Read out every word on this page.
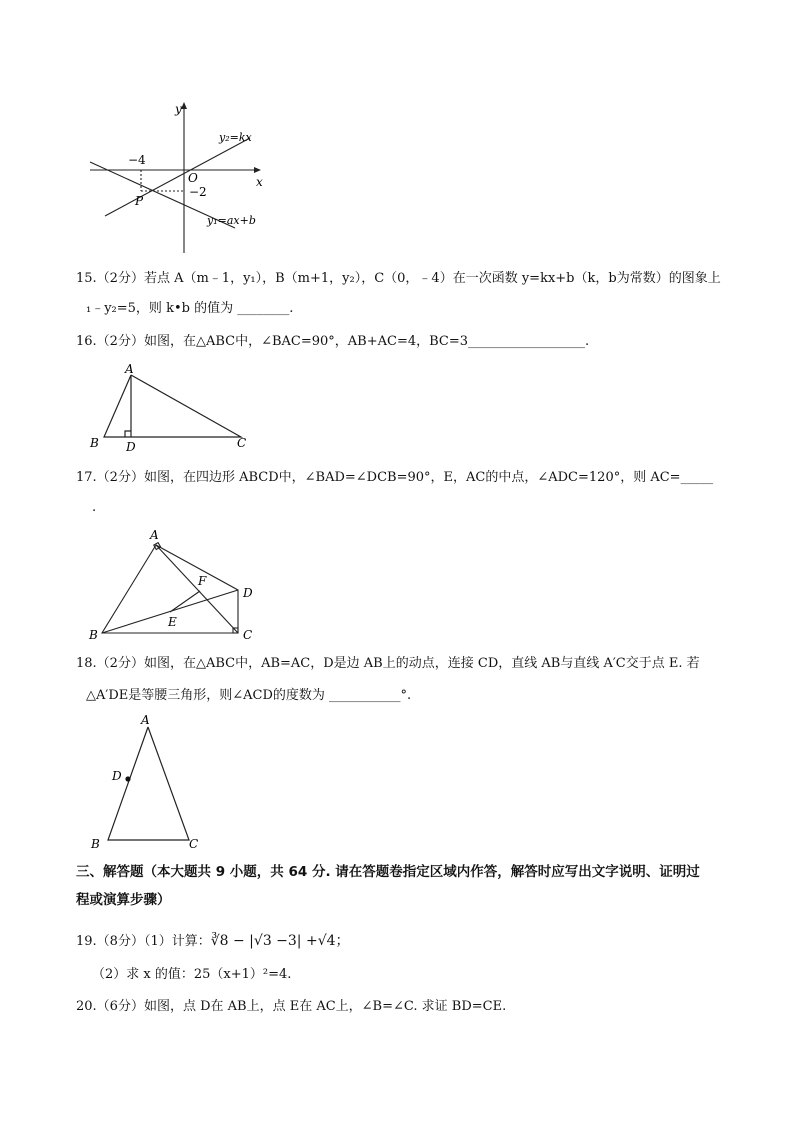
y
x
O
y₂=kx
y₁=ax+b
−4
−2
P
15.（2分）若点 A（m﹣1，y₁），B（m+1，y₂），C（0，﹣4）在一次函数 y=kx+b（k，b为常数）的图象上
₁﹣y₂=5，则 k•b 的值为 ________.
16.（2分）如图，在△ABC中，∠BAC=90°，AB+AC=4，BC=3__________________.
A
B	C
D
17.（2分）如图，在四边形 ABCD中，∠BAD=∠DCB=90°，E，AC的中点，∠ADC=120°，则 AC=_____
.
A
B	C
D
E
F
18.（2分）如图，在△ABC中，AB=AC，D是边 AB上的动点，连接 CD，直线 AB与直线 A′C交于点 E. 若
△A′DE是等腰三角形，则∠ACD的度数为 ___________°.
A
B	C
D
三、解答题（本大题共 9 小题，共 64 分. 请在答题卷指定区域内作答，解答时应写出文字说明、证明过
程或演算步骤）
19.（8分）（1）计算：∛8 − |√3 −3| +√4；
（2）求 x 的值：25（x+1）²=4.
20.（6分）如图，点 D在 AB上，点 E在 AC上，∠B=∠C. 求证 BD=CE.
